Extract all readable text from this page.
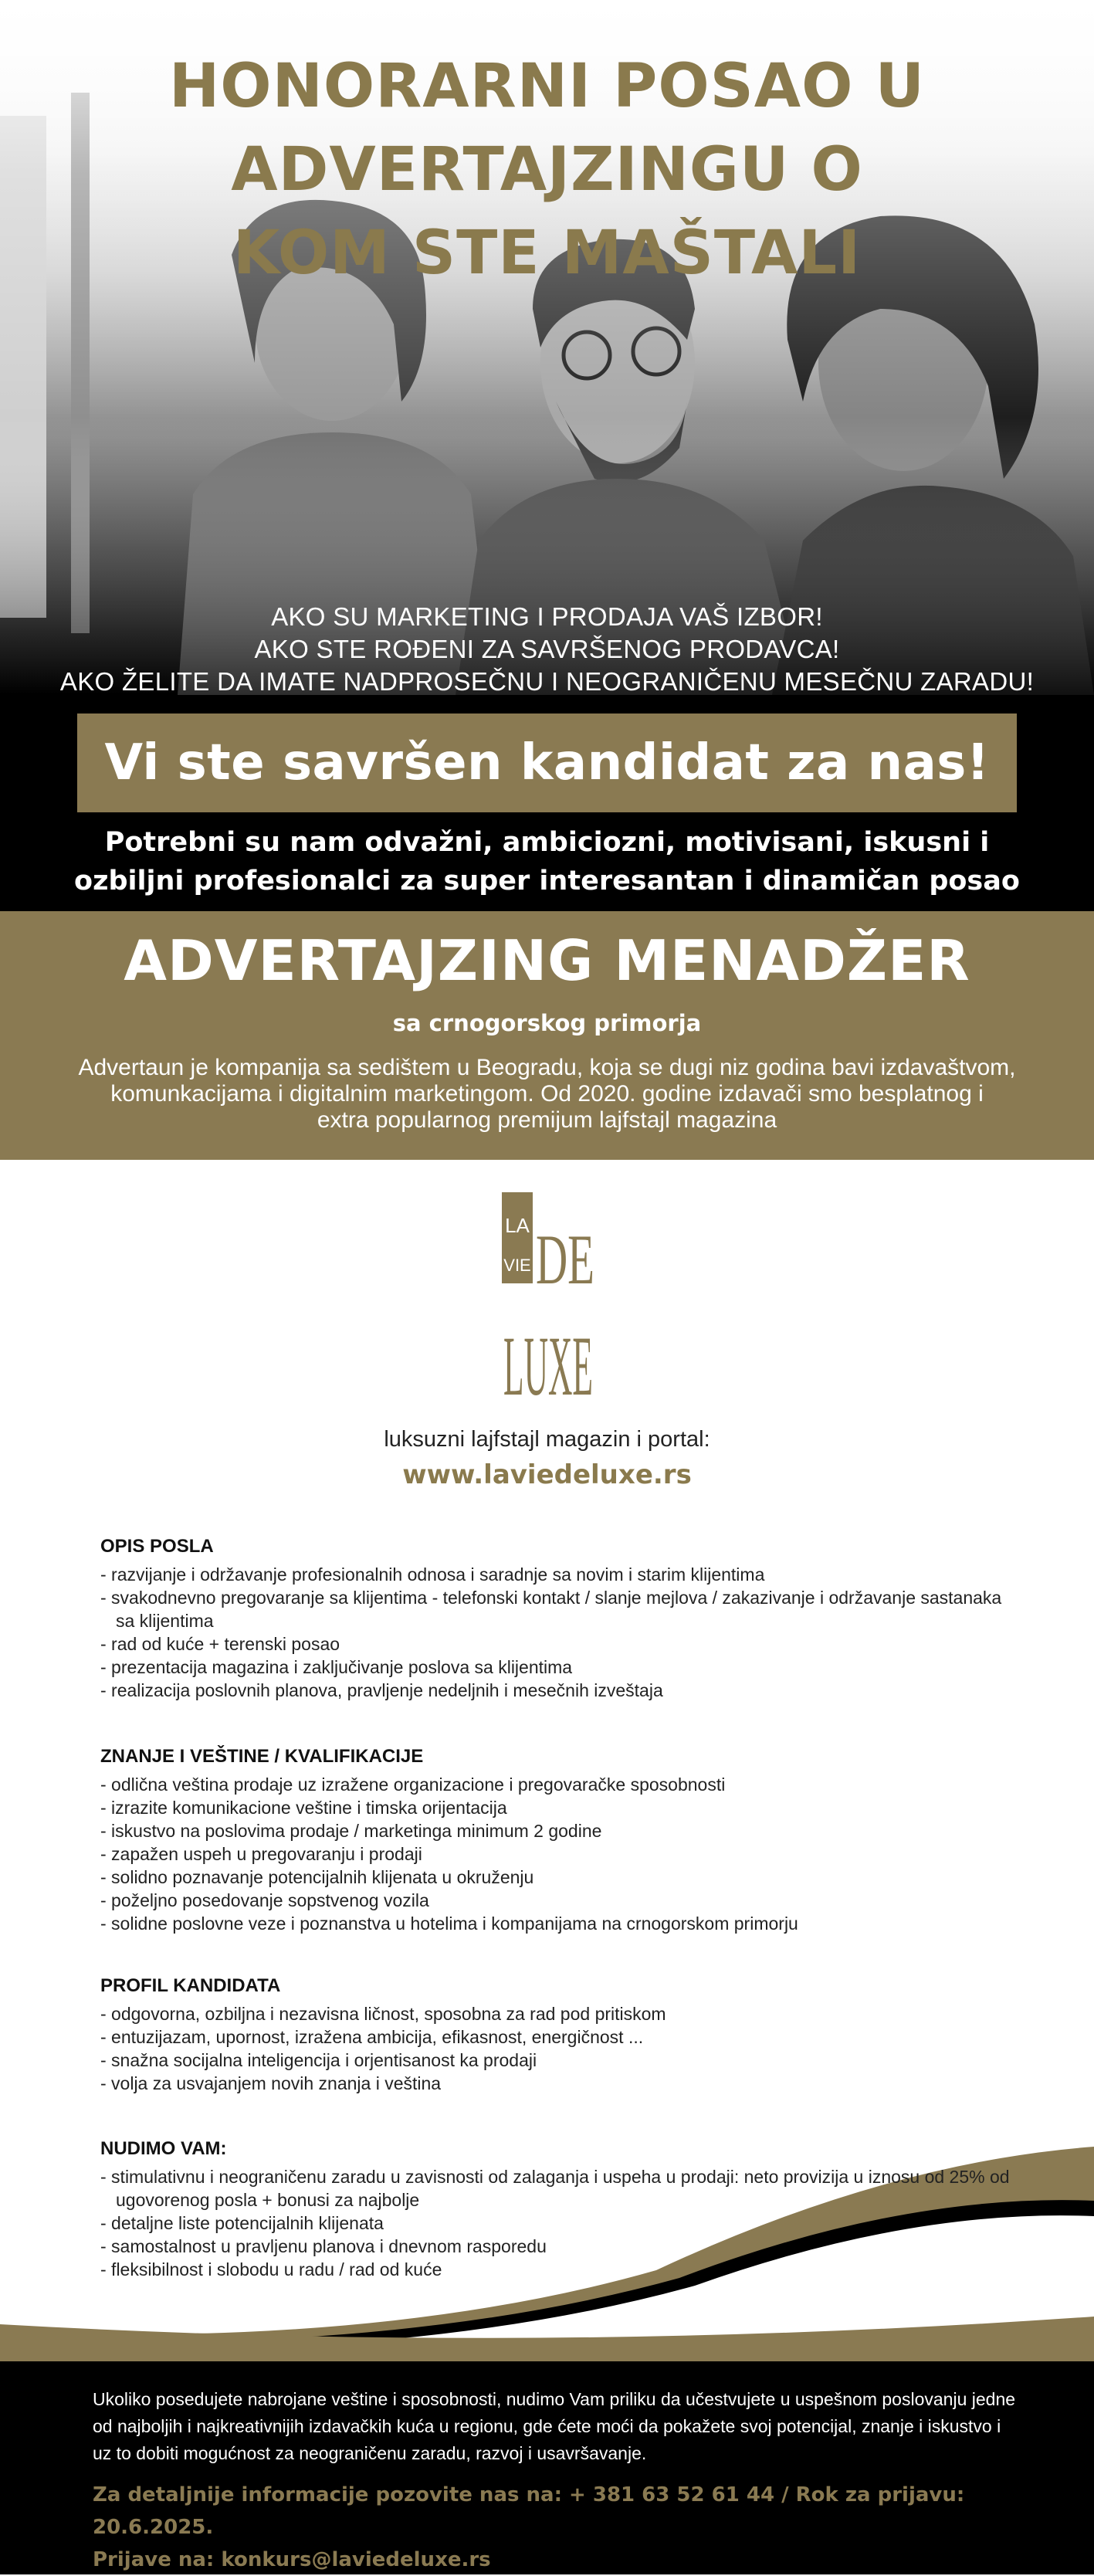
HONORARNI POSAO U
ADVERTAJZINGU O
KOM STE MAŠTALI
AKO SU MARKETING I PRODAJA VAŠ IZBOR!
AKO STE ROĐENI ZA SAVRŠENOG PRODAVCA!
AKO ŽELITE DA IMATE NADPROSEČNU I NEOGRANIČENU MESEČNU ZARADU!
Vi ste savršen kandidat za nas!
Potrebni su nam odvažni, ambiciozni, motivisani, iskusni i
ozbiljni profesionalci za super interesantan i dinamičan posao
ADVERTAJZING MENADŽER
sa crnogorskog primorja
Advertaun je kompanija sa sedištem u Beogradu, koja se dugi niz godina bavi izdavaštvom,
komunkacijama i digitalnim marketingom. Od 2020. godine izdavači smo besplatnog i
extra popularnog premijum lajfstajl magazina
LA
VIE DE
LUXE
luksuzni lajfstajl magazin i portal:
www.laviedeluxe.rs
OPIS POSLA
- razvijanje i održavanje profesionalnih odnosa i saradnje sa novim i starim klijentima
- svakodnevno pregovaranje sa klijentima - telefonski kontakt / slanje mejlova / zakazivanje i održavanje sastanaka sa klijentima
- rad od kuće + terenski posao
- prezentacija magazina i zaključivanje poslova sa klijentima
- realizacija poslovnih planova, pravljenje nedeljnih i mesečnih izveštaja
ZNANJE I VEŠTINE / KVALIFIKACIJE
- odlična veština prodaje uz izražene organizacione i pregovaračke sposobnosti
- izrazite komunikacione veštine i timska orijentacija
- iskustvo na poslovima prodaje / marketinga minimum 2 godine
- zapažen uspeh u pregovaranju i prodaji
- solidno poznavanje potencijalnih klijenata u okruženju
- poželjno posedovanje sopstvenog vozila
- solidne poslovne veze i poznanstva u hotelima i kompanijama na crnogorskom primorju
PROFIL KANDIDATA
- odgovorna, ozbiljna i nezavisna ličnost, sposobna za rad pod pritiskom
- entuzijazam, upornost, izražena ambicija, efikasnost, energičnost ...
- snažna socijalna inteligencija i orjentisanost ka prodaji
- volja za usvajanjem novih znanja i veština
NUDIMO VAM:
- stimulativnu i neograničenu zaradu u zavisnosti od zalaganja i uspeha u prodaji: neto provizija u iznosu od 25% od ugovorenog posla + bonusi za najbolje
- detaljne liste potencijalnih klijenata
- samostalnost u pravljenu planova i dnevnom rasporedu
- fleksibilnost i slobodu u radu / rad od kuće
Ukoliko posedujete nabrojane veštine i sposobnosti, nudimo Vam priliku da učestvujete u uspešnom poslovanju jedne od najboljih i najkreativnijih izdavačkih kuća u regionu, gde ćete moći da pokažete svoj potencijal, znanje i iskustvo i uz to dobiti mogućnost za neograničenu zaradu, razvoj i usavršavanje.
Za detaljnije informacije pozovite nas na: + 381 63 52 61 44 / Rok za prijavu: 20.6.2025.
Prijave na: konkurs@laviedeluxe.rs
